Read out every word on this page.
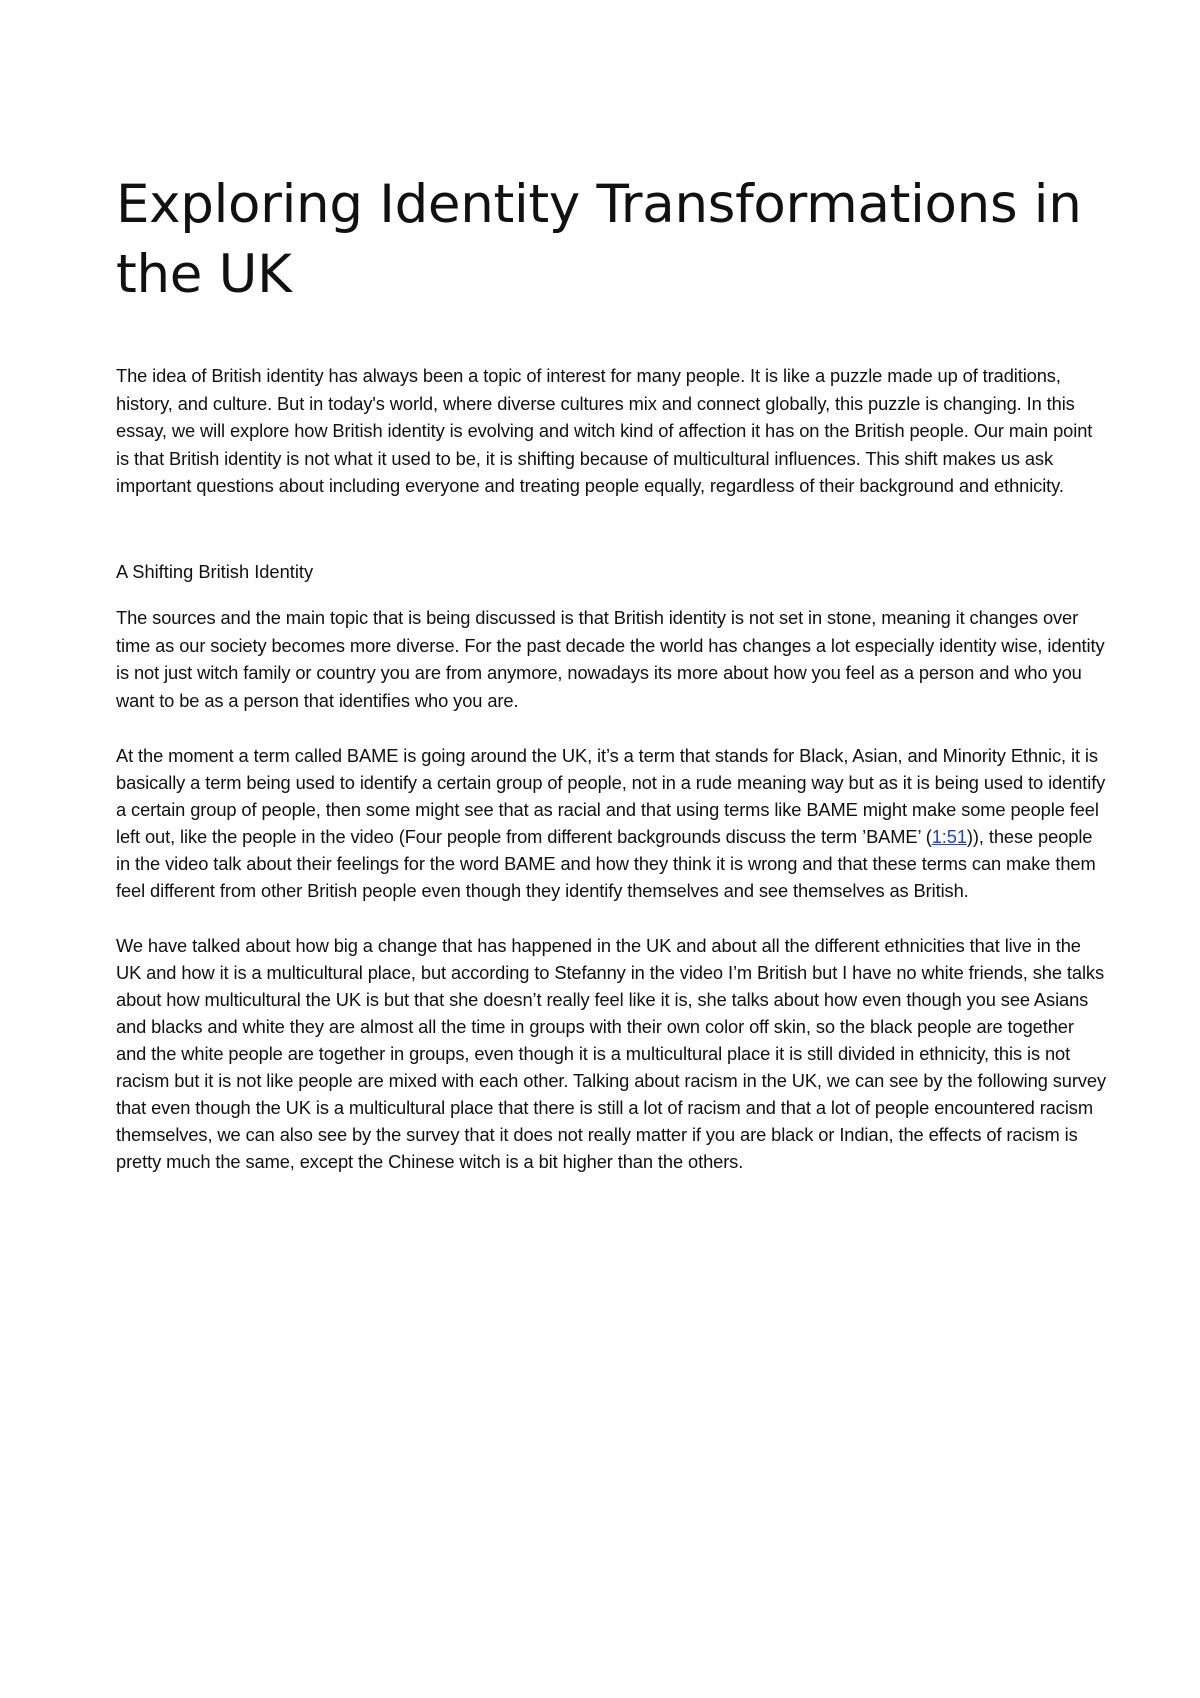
Exploring Identity Transformations in the UK

The idea of British identity has always been a topic of interest for many people. It is like a puzzle made up of traditions, history, and culture. But in today's world, where diverse cultures mix and connect globally, this puzzle is changing. In this essay, we will explore how British identity is evolving and witch kind of affection it has on the British people. Our main point is that British identity is not what it used to be, it is shifting because of multicultural influences. This shift makes us ask important questions about including everyone and treating people equally, regardless of their background and ethnicity.

A Shifting British Identity

The sources and the main topic that is being discussed is that British identity is not set in stone, meaning it changes over time as our society becomes more diverse. For the past decade the world has changes a lot especially identity wise, identity is not just witch family or country you are from anymore, nowadays its more about how you feel as a person and who you want to be as a person that identifies who you are.

At the moment a term called BAME is going around the UK, it’s a term that stands for Black, Asian, and Minority Ethnic, it is basically a term being used to identify a certain group of people, not in a rude meaning way but as it is being used to identify a certain group of people, then some might see that as racial and that using terms like BAME might make some people feel left out, like the people in the video (Four people from different backgrounds discuss the term ’BAME’ (1:51)), these people in the video talk about their feelings for the word BAME and how they think it is wrong and that these terms can make them feel different from other British people even though they identify themselves and see themselves as British.

We have talked about how big a change that has happened in the UK and about all the different ethnicities that live in the UK and how it is a multicultural place, but according to Stefanny in the video I’m British but I have no white friends, she talks about how multicultural the UK is but that she doesn’t really feel like it is, she talks about how even though you see Asians and blacks and white they are almost all the time in groups with their own color off skin, so the black people are together and the white people are together in groups, even though it is a multicultural place it is still divided in ethnicity, this is not racism but it is not like people are mixed with each other. Talking about racism in the UK, we can see by the following survey that even though the UK is a multicultural place that there is still a lot of racism and that a lot of people encountered racism themselves, we can also see by the survey that it does not really matter if you are black or Indian, the effects of racism is pretty much the same, except the Chinese witch is a bit higher than the others.
